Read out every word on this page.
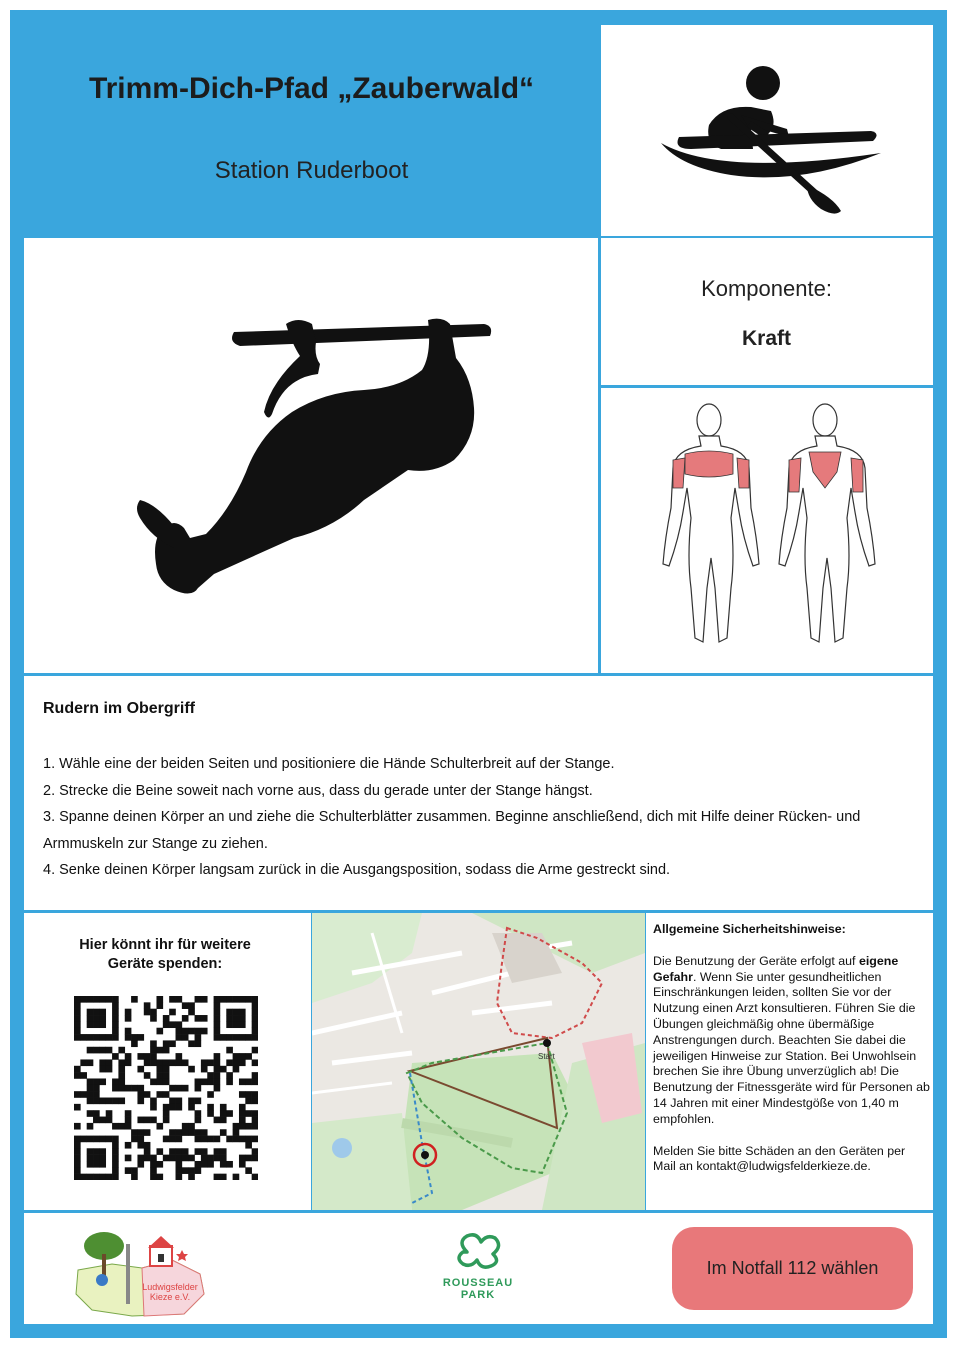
Trimm-Dich-Pfad „Zauberwald“
Station Ruderboot
Komponente:
Kraft
Rudern im Obergriff
1. Wähle eine der beiden Seiten und positioniere die Hände Schulterbreit auf der Stange.
2. Strecke die Beine soweit nach vorne aus, dass du gerade unter der Stange hängst.
3. Spanne deinen Körper an und ziehe die Schulterblätter zusammen. Beginne anschließend, dich mit Hilfe deiner Rücken- und
Armmuskeln zur Stange zu ziehen.
4. Senke deinen Körper langsam zurück in die Ausgangsposition, sodass die Arme gestreckt sind.
Hier könnt ihr für weitere
Geräte spenden:
Start
Allgemeine Sicherheitshinweise:

Die Benutzung der Geräte erfolgt auf eigene Gefahr. Wenn Sie unter gesundheitlichen Einschränkungen leiden, sollten Sie vor der Nutzung einen Arzt konsultieren. Führen Sie die Übungen gleichmäßig ohne übermäßige Anstrengungen durch. Beachten Sie dabei die jeweiligen Hinweise zur Station. Bei Unwohlsein brechen Sie ihre Übung unverzüglich ab! Die Benutzung der Fitnessgeräte wird für Personen ab 14 Jahren mit einer Mindestgöße von 1,40 m empfohlen.

Melden Sie bitte Schäden an den Geräten per Mail an kontakt@ludwigsfelderkieze.de.

Ludwigsfelder
Kieze e.V.
ROUSSEAU
PARK
Im Notfall 112 wählen
